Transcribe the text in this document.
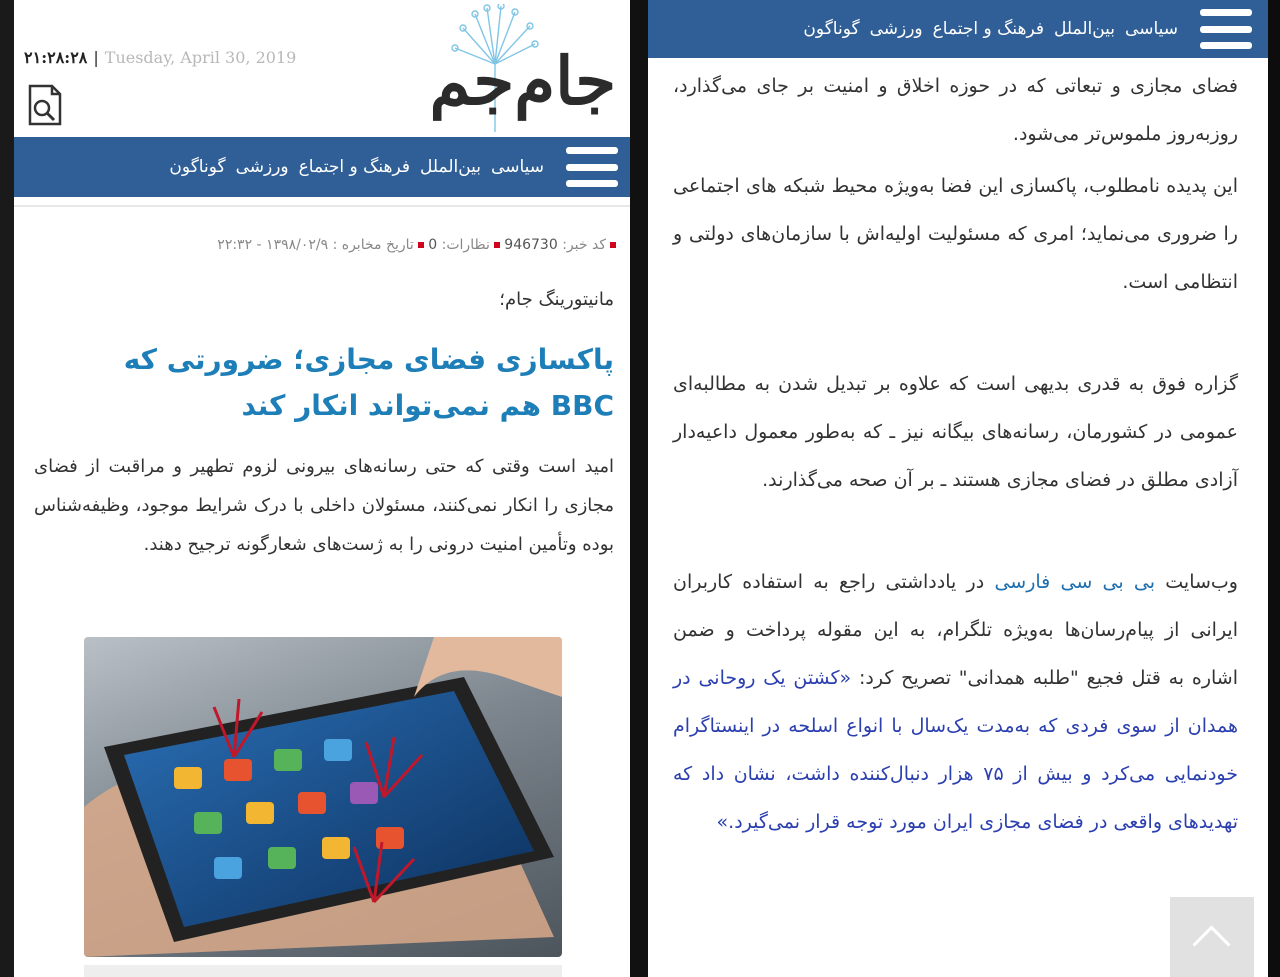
جام‌جم
۲۱:۲۸:۲۸ | Tuesday, April 30, 2019
سیاسی
بین‌الملل
فرهنگ و اجتماع
ورزشی
گوناگون
کد خبر: 946730 نظارات: 0 تاریخ مخابره : ۱۳۹۸/۰۲/۹ - ۲۲:۳۲
مانیتورینگ جام؛
پاکسازی فضای مجازی؛ ضرورتی که BBC هم نمی‌تواند انکار کند

امید است وقتی که حتی رسانه‌های بیرونی لزوم تطهیر و مراقبت از فضای مجازی را انکار نمی‌کنند، مسئولان داخلی با درک شرایط موجود، وظیفه‌شناس بوده وتأمین امنیت درونی را به ژست‌های شعارگونه ترجیح دهند.

سیاسی
بین‌الملل
فرهنگ و اجتماع
ورزشی
گوناگون

فضای مجازی و تبعاتی که در حوزه اخلاق و امنیت بر جای می‌گذارد، روزبه‌روز ملموس‌تر می‌شود.

این پدیده نامطلوب، پاکسازی این فضا به‌ویژه محیط شبکه های اجتماعی را ضروری می‌نماید؛ امری که مسئولیت اولیه‌اش با سازمان‌های دولتی و انتظامی است.

گزاره فوق به قدری بدیهی است که علاوه بر تبدیل شدن به مطالبه‌ای عمومی در کشورمان، رسانه‌های بیگانه نیز ـ که به‌طور معمول داعیه‌دار آزادی مطلق در فضای مجازی هستند ـ بر آن صحه می‌گذارند.

وب‌سایت بی بی سی فارسی در یادداشتی راجع به استفاده کاربران ایرانی از پیام‌رسان‌ها به‌ویژه تلگرام، به این مقوله پرداخت و ضمن اشاره به قتل فجیع "طلبه همدانی" تصریح کرد: «کشتن یک روحانی در همدان از سوی فردی که به‌مدت یک‌سال با انواع اسلحه در اینستاگرام خودنمایی می‌کرد و بیش از ۷۵ هزار دنبال‌کننده داشت، نشان داد که تهدیدهای واقعی در فضای مجازی ایران مورد توجه قرار نمی‌گیرد.»
